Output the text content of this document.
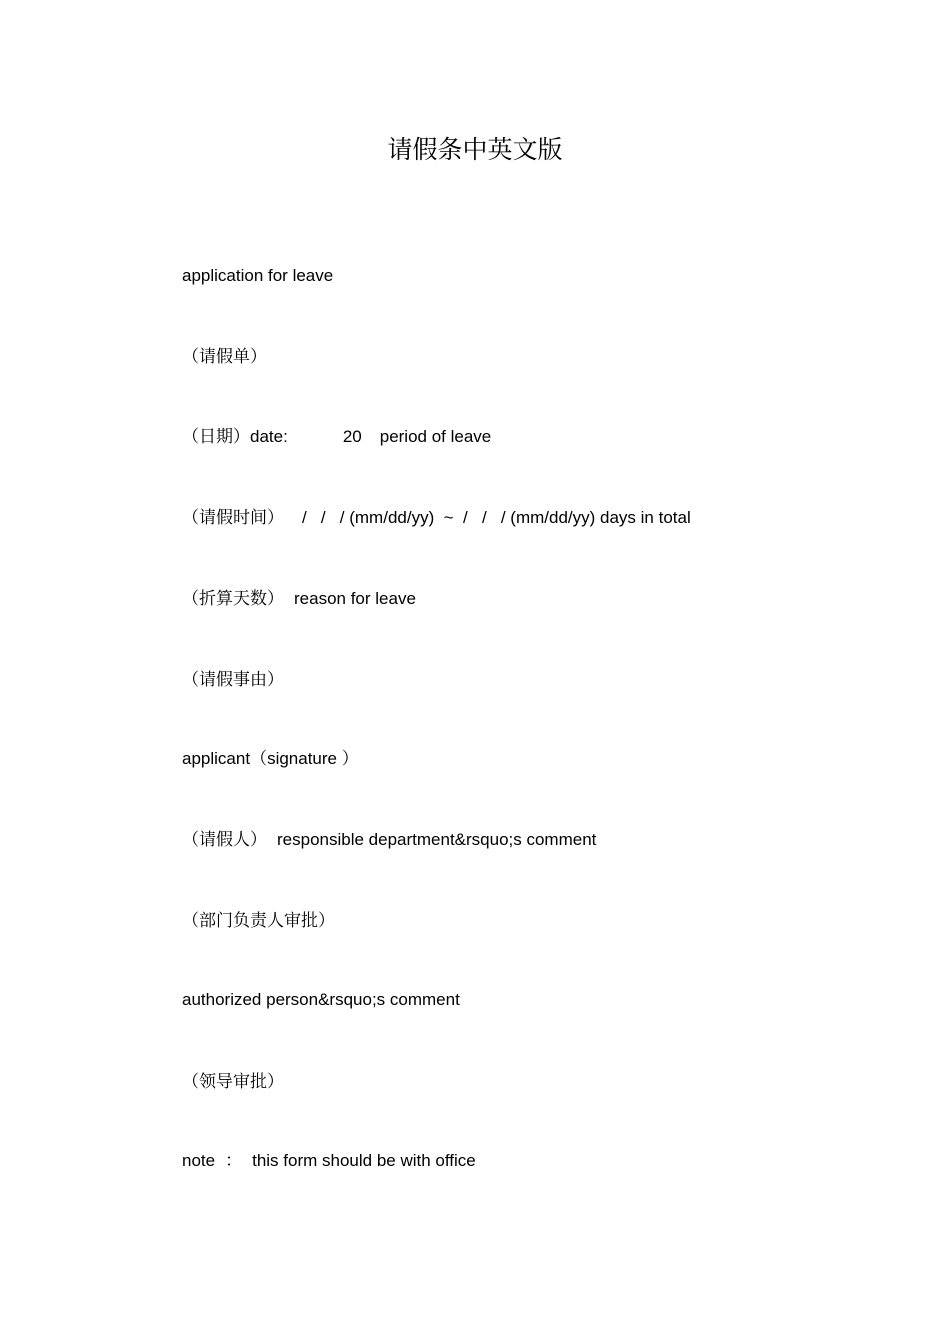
请假条中英文版
application for leave
（请假单）
（日期）date:	20 period of leave
（请假时间） /   /   / (mm/dd/yy)  ~  /   /   / (mm/dd/yy) days in total
（折算天数） reason for leave
（请假事由）
applicant（signature ）
（请假人） responsible department&rsquo;s comment
（部门负责人审批）
authorized person&rsquo;s comment
（领导审批）
note ： this form should be with office
